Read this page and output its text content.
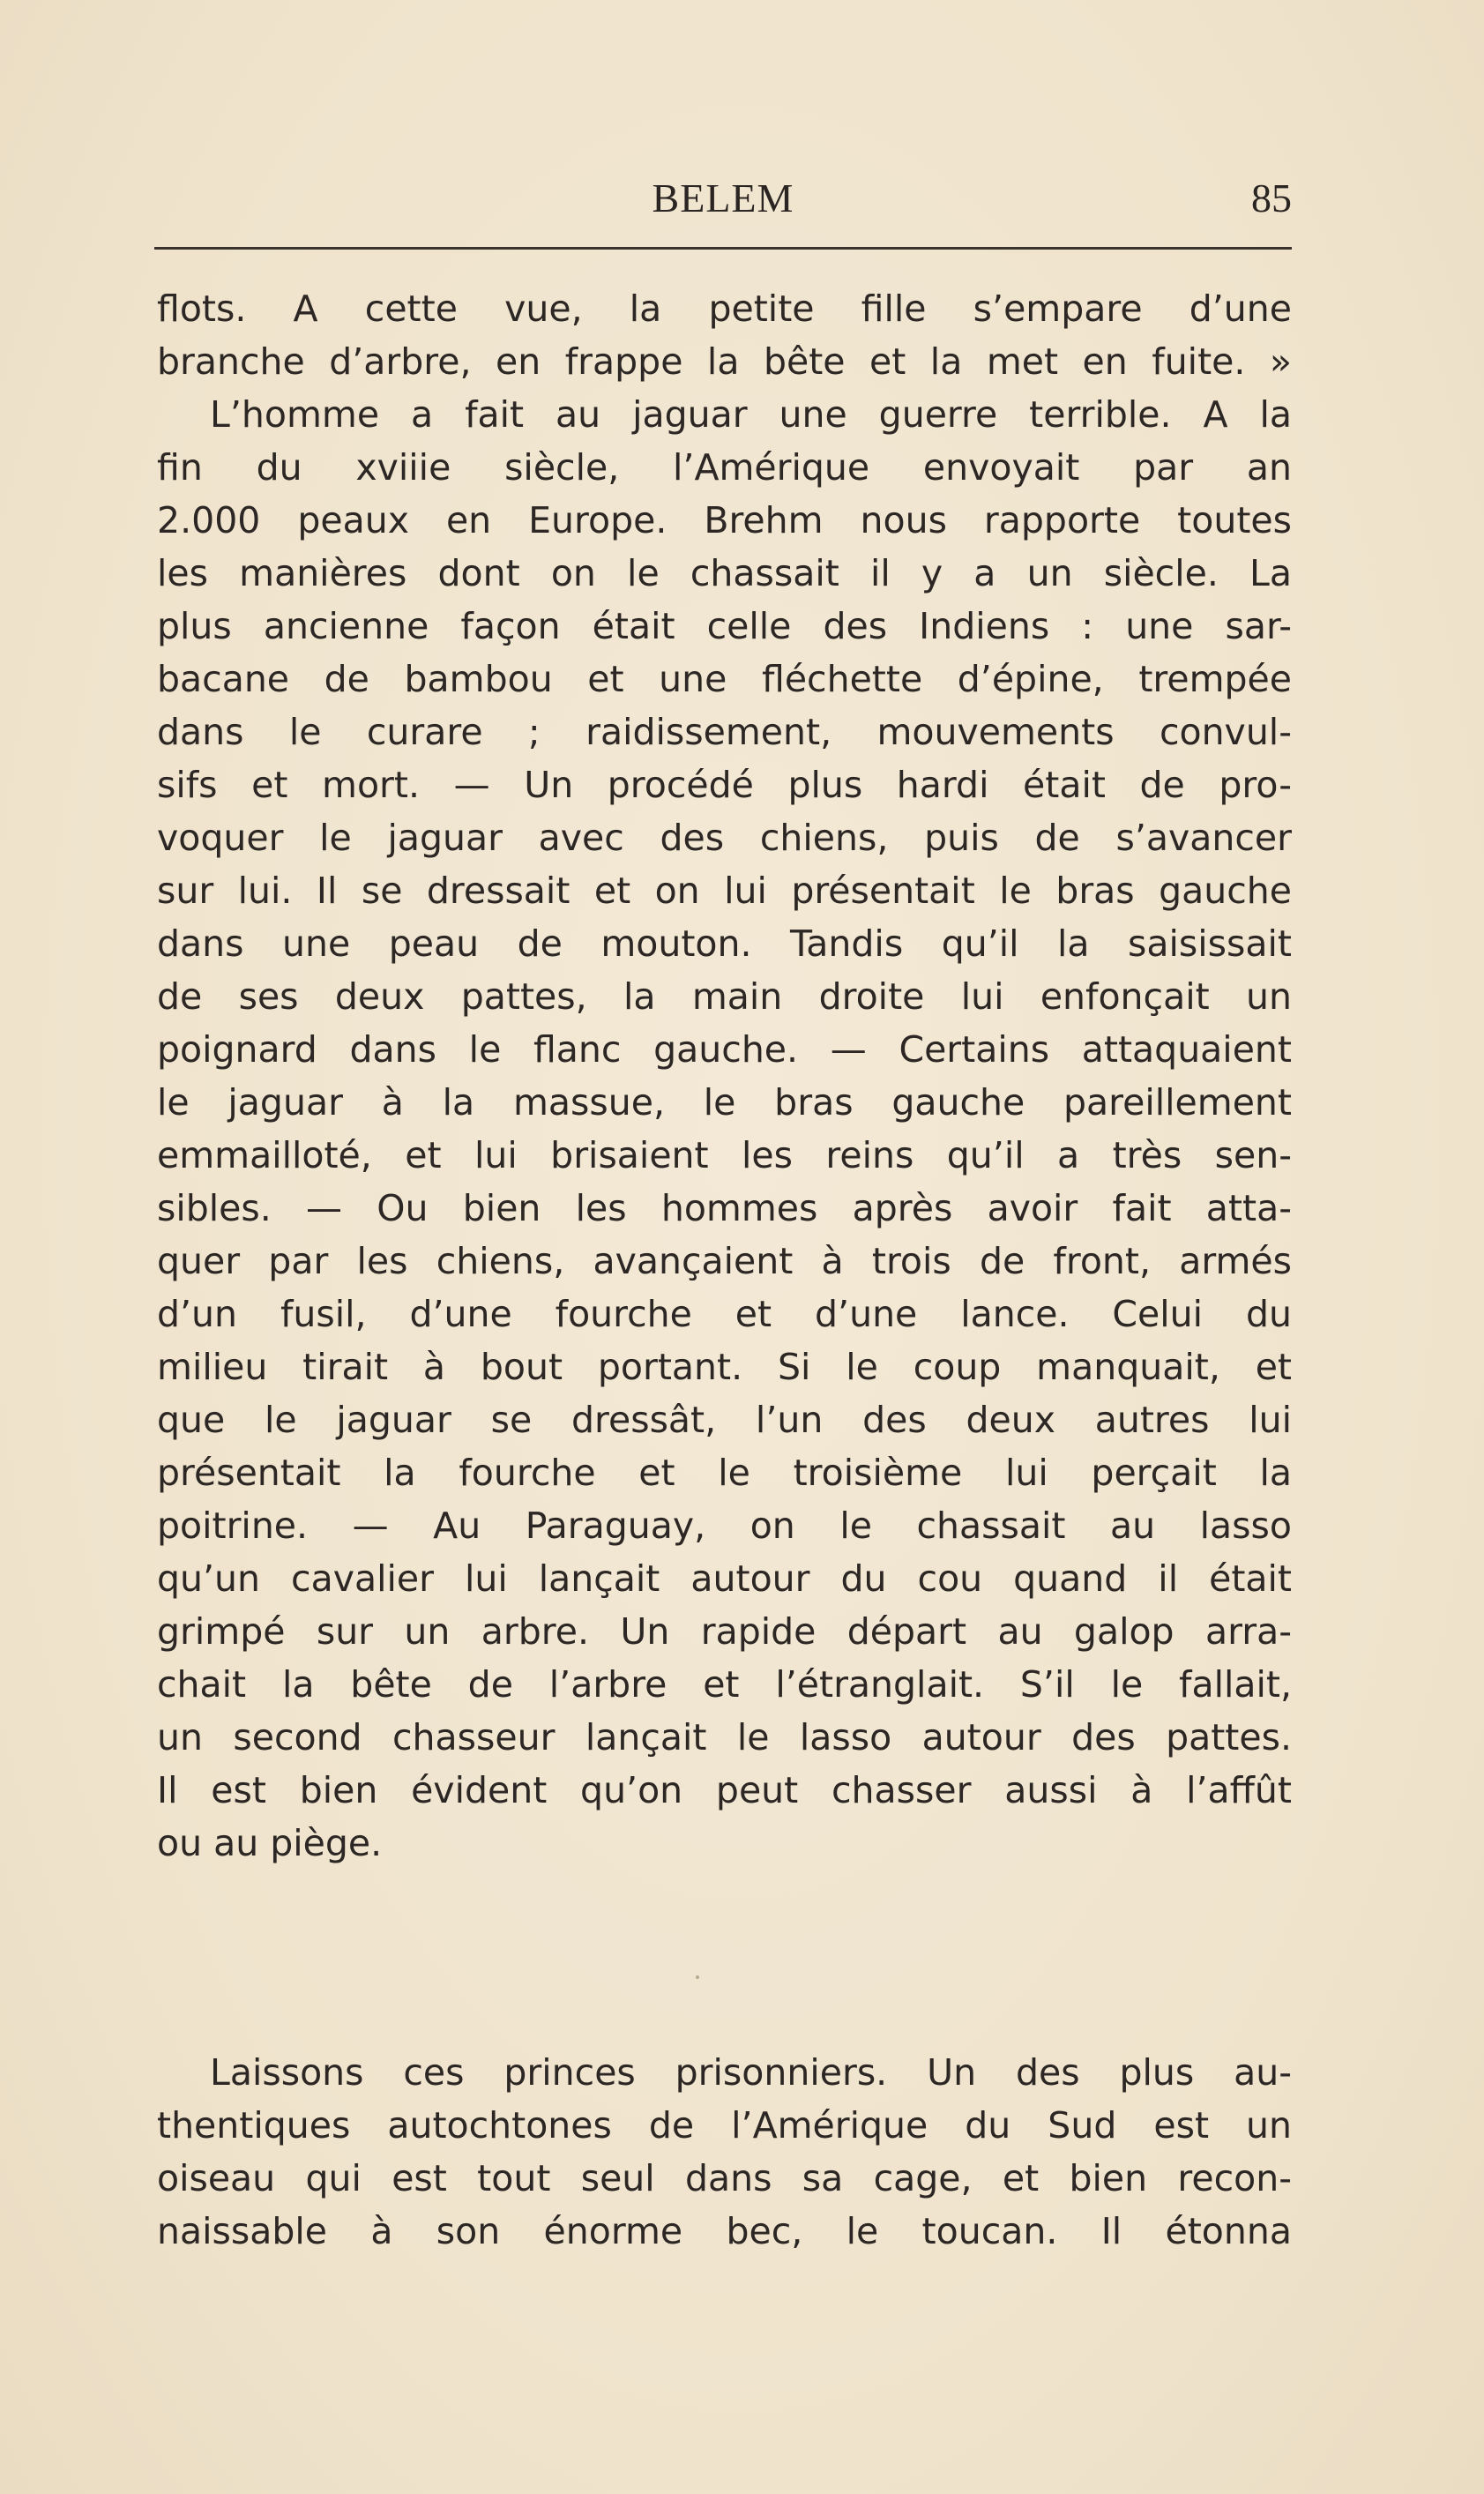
BELEM	85
flots. A cette vue, la petite fille s’empare d’une
branche d’arbre, en frappe la bête et la met en fuite. »
L’homme a fait au jaguar une guerre terrible. A la
fin du xviiie siècle, l’Amérique envoyait par an
2.000 peaux en Europe. Brehm nous rapporte toutes
les manières dont on le chassait il y a un siècle. La
plus ancienne façon était celle des Indiens : une sar-
bacane de bambou et une fléchette d’épine, trempée
dans le curare ; raidissement, mouvements convul-
sifs et mort. — Un procédé plus hardi était de pro-
voquer le jaguar avec des chiens, puis de s’avancer
sur lui. Il se dressait et on lui présentait le bras gauche
dans une peau de mouton. Tandis qu’il la saisissait
de ses deux pattes, la main droite lui enfonçait un
poignard dans le flanc gauche. — Certains attaquaient
le jaguar à la massue, le bras gauche pareillement
emmailloté, et lui brisaient les reins qu’il a très sen-
sibles. — Ou bien les hommes après avoir fait atta-
quer par les chiens, avançaient à trois de front, armés
d’un fusil, d’une fourche et d’une lance. Celui du
milieu tirait à bout portant. Si le coup manquait, et
que le jaguar se dressât, l’un des deux autres lui
présentait la fourche et le troisième lui perçait la
poitrine. — Au Paraguay, on le chassait au lasso
qu’un cavalier lui lançait autour du cou quand il était
grimpé sur un arbre. Un rapide départ au galop arra-
chait la bête de l’arbre et l’étranglait. S’il le fallait,
un second chasseur lançait le lasso autour des pattes.
Il est bien évident qu’on peut chasser aussi à l’affût
ou au piège.
Laissons ces princes prisonniers. Un des plus au-
thentiques autochtones de l’Amérique du Sud est un
oiseau qui est tout seul dans sa cage, et bien recon-
naissable à son énorme bec, le toucan. Il étonna
